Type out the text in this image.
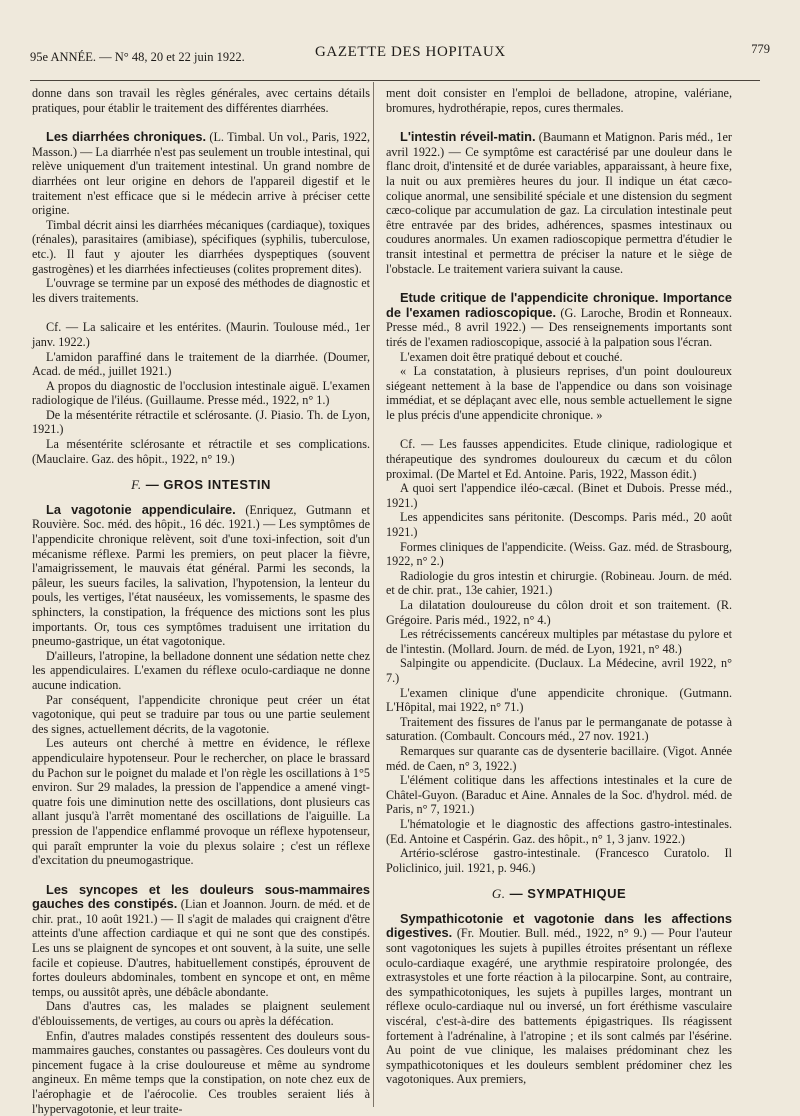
95e ANNÉE. — N° 48, 20 et 22 juin 1922.	GAZETTE DES HOPITAUX	779

donne dans son travail les règles générales, avec certains détails pratiques, pour établir le traitement des différentes diarrhées.

Les diarrhées chroniques. (L. Timbal. Un vol., Paris, 1922, Masson.) — La diarrhée n'est pas seulement un trouble intestinal, qui relève uniquement d'un traitement intestinal. Un grand nombre de diarrhées ont leur origine en dehors de l'appareil digestif et le traitement n'est efficace que si le médecin arrive à préciser cette origine.

Timbal décrit ainsi les diarrhées mécaniques (cardiaque), toxiques (rénales), parasitaires (amibiase), spécifiques (syphilis, tuberculose, etc.). Il faut y ajouter les diarrhées dyspeptiques (souvent gastrogènes) et les diarrhées infectieuses (colites proprement dites).

L'ouvrage se termine par un exposé des méthodes de diagnostic et les divers traitements.

Cf. — La salicaire et les entérites. (Maurin. Toulouse méd., 1er janv. 1922.)

L'amidon paraffiné dans le traitement de la diarrhée. (Doumer, Acad. de méd., juillet 1921.)

A propos du diagnostic de l'occlusion intestinale aiguë. L'examen radiologique de l'iléus. (Guillaume. Presse méd., 1922, n° 1.)

De la mésentérite rétractile et sclérosante. (J. Piasio. Th. de Lyon, 1921.)

La mésentérite sclérosante et rétractile et ses complications. (Mauclaire. Gaz. des hôpit., 1922, n° 19.)

F. — GROS INTESTIN

La vagotonie appendiculaire. (Enriquez, Gutmann et Rouvière. Soc. méd. des hôpit., 16 déc. 1921.) — Les symptômes de l'appendicite chronique relèvent, soit d'une toxi-infection, soit d'un mécanisme réflexe. Parmi les premiers, on peut placer la fièvre, l'amaigrissement, le mauvais état général. Parmi les seconds, la pâleur, les sueurs faciles, la salivation, l'hypotension, la lenteur du pouls, les vertiges, l'état nauséeux, les vomissements, le spasme des sphincters, la constipation, la fréquence des mictions sont les plus importants. Or, tous ces symptômes traduisent une irritation du pneumo-gastrique, un état vagotonique.

D'ailleurs, l'atropine, la belladone donnent une sédation nette chez les appendiculaires. L'examen du réflexe oculo-cardiaque ne donne aucune indication.

Par conséquent, l'appendicite chronique peut créer un état vagotonique, qui peut se traduire par tous ou une partie seulement des signes, actuellement décrits, de la vagotonie.

Les auteurs ont cherché à mettre en évidence, le réflexe appendiculaire hypotenseur. Pour le rechercher, on place le brassard du Pachon sur le poignet du malade et l'on règle les oscillations à 1°5 environ. Sur 29 malades, la pression de l'appendice a amené vingt-quatre fois une diminution nette des oscillations, dont plusieurs cas allant jusqu'à l'arrêt momentané des oscillations de l'aiguille. La pression de l'appendice enflammé provoque un réflexe hypotenseur, qui paraît emprunter la voie du plexus solaire ; c'est un réflexe d'excitation du pneumogastrique.

Les syncopes et les douleurs sous-mammaires gauches des constipés. (Lian et Joannon. Journ. de méd. et de chir. prat., 10 août 1921.) — Il s'agit de malades qui craignent d'être atteints d'une affection cardiaque et qui ne sont que des constipés. Les uns se plaignent de syncopes et ont souvent, à la suite, une selle facile et copieuse. D'autres, habituellement constipés, éprouvent de fortes douleurs abdominales, tombent en syncope et ont, en même temps, ou aussitôt après, une débâcle abondante.

Dans d'autres cas, les malades se plaignent seulement d'éblouissements, de vertiges, au cours ou après la défécation.

Enfin, d'autres malades constipés ressentent des douleurs sous-mammaires gauches, constantes ou passagères. Ces douleurs vont du pincement fugace à la crise douloureuse et même au syndrome angineux. En même temps que la constipation, on note chez eux de l'aérophagie et de l'aérocolie. Ces troubles seraient liés à l'hypervagotonie, et leur traite-

ment doit consister en l'emploi de belladone, atropine, valériane, bromures, hydrothérapie, repos, cures thermales.

L'intestin réveil-matin. (Baumann et Matignon. Paris méd., 1er avril 1922.) — Ce symptôme est caractérisé par une douleur dans le flanc droit, d'intensité et de durée variables, apparaissant, à heure fixe, la nuit ou aux premières heures du jour. Il indique un état cæco-colique anormal, une sensibilité spéciale et une distension du segment cæco-colique par accumulation de gaz. La circulation intestinale peut être entravée par des brides, adhérences, spasmes intestinaux ou coudures anormales. Un examen radioscopique permettra d'étudier le transit intestinal et permettra de préciser la nature et le siège de l'obstacle. Le traitement variera suivant la cause.

Etude critique de l'appendicite chronique. Importance de l'examen radioscopique. (G. Laroche, Brodin et Ronneaux. Presse méd., 8 avril 1922.) — Des renseignements importants sont tirés de l'examen radioscopique, associé à la palpation sous l'écran.

L'examen doit être pratiqué debout et couché.

« La constatation, à plusieurs reprises, d'un point douloureux siégeant nettement à la base de l'appendice ou dans son voisinage immédiat, et se déplaçant avec elle, nous semble actuellement le signe le plus précis d'une appendicite chronique. »

Cf. — Les fausses appendicites. Etude clinique, radiologique et thérapeutique des syndromes douloureux du cæcum et du côlon proximal. (De Martel et Ed. Antoine. Paris, 1922, Masson édit.)

A quoi sert l'appendice iléo-cæcal. (Binet et Dubois. Presse méd., 1921.)

Les appendicites sans péritonite. (Descomps. Paris méd., 20 août 1921.)

Formes cliniques de l'appendicite. (Weiss. Gaz. méd. de Strasbourg, 1922, n° 2.)

Radiologie du gros intestin et chirurgie. (Robineau. Journ. de méd. et de chir. prat., 13e cahier, 1921.)

La dilatation douloureuse du côlon droit et son traitement. (R. Grégoire. Paris méd., 1922, n° 4.)

Les rétrécissements cancéreux multiples par métastase du pylore et de l'intestin. (Mollard. Journ. de méd. de Lyon, 1921, n° 48.)

Salpingite ou appendicite. (Duclaux. La Médecine, avril 1922, n° 7.)

L'examen clinique d'une appendicite chronique. (Gutmann. L'Hôpital, mai 1922, n° 71.)

Traitement des fissures de l'anus par le permanganate de potasse à saturation. (Combault. Concours méd., 27 nov. 1921.)

Remarques sur quarante cas de dysenterie bacillaire. (Vigot. Année méd. de Caen, n° 3, 1922.)

L'élément colitique dans les affections intestinales et la cure de Châtel-Guyon. (Baraduc et Aine. Annales de la Soc. d'hydrol. méd. de Paris, n° 7, 1921.)

L'hématologie et le diagnostic des affections gastro-intestinales. (Ed. Antoine et Caspérin. Gaz. des hôpit., n° 1, 3 janv. 1922.)

Artério-sclérose gastro-intestinale. (Francesco Curatolo. Il Policlinico, juil. 1921, p. 946.)

G. — SYMPATHIQUE

Sympathicotonie et vagotonie dans les affections digestives. (Fr. Moutier. Bull. méd., 1922, n° 9.) — Pour l'auteur sont vagotoniques les sujets à pupilles étroites présentant un réflexe oculo-cardiaque exagéré, une arythmie respiratoire prolongée, des extrasystoles et une forte réaction à la pilocarpine. Sont, au contraire, des sympathicotoniques, les sujets à pupilles larges, montrant un réflexe oculo-cardiaque nul ou inversé, un fort éréthisme vasculaire viscéral, c'est-à-dire des battements épigastriques. Ils réagissent fortement à l'adrénaline, à l'atropine ; et ils sont calmés par l'ésérine. Au point de vue clinique, les malaises prédominant chez les sympathicotoniques et les douleurs semblent prédominer chez les vagotoniques. Aux premiers,
